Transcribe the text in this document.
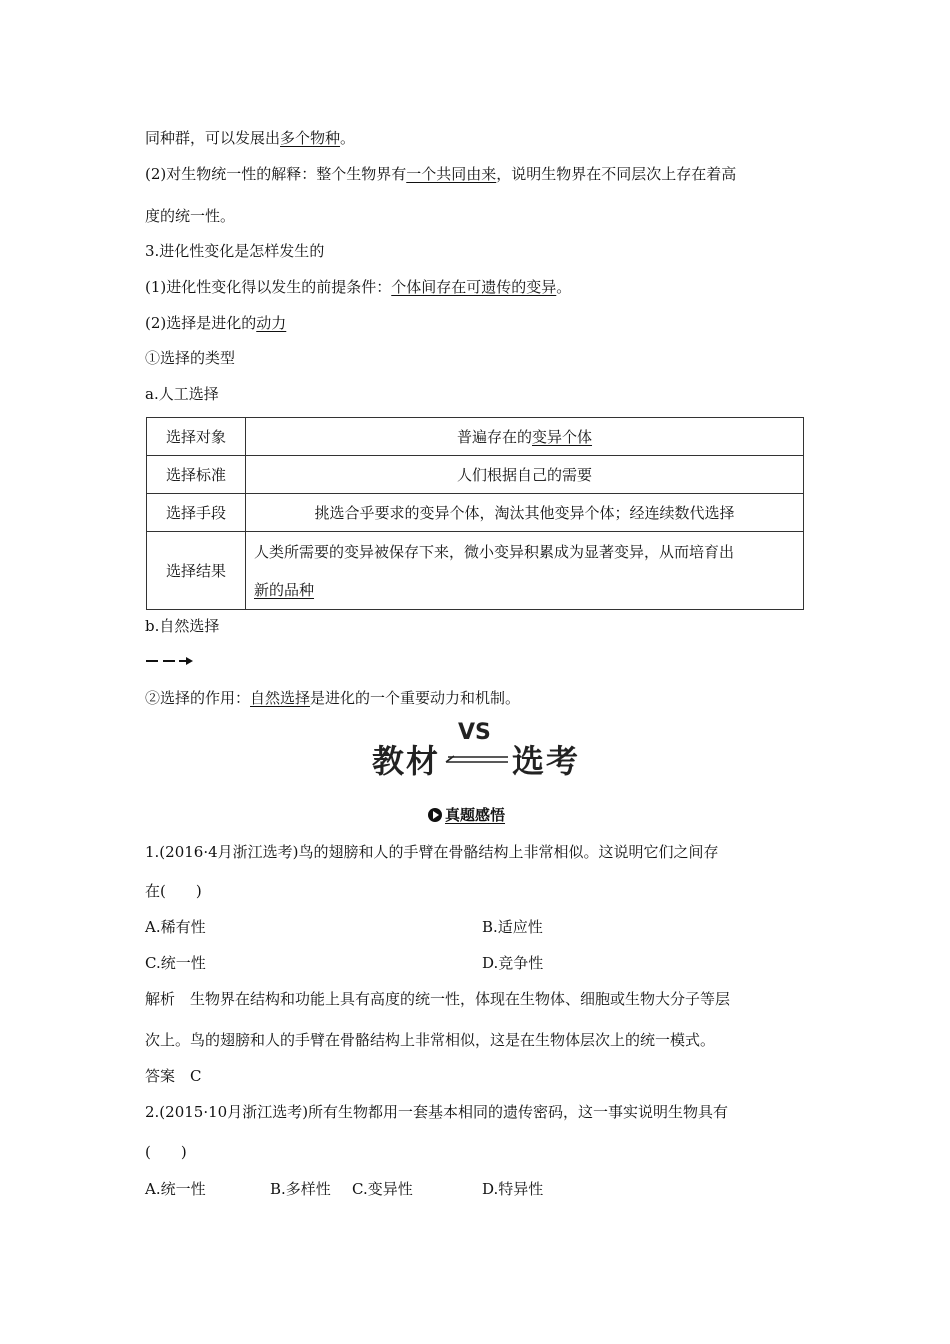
同种群，可以发展出多个物种。
(2)对生物统一性的解释：整个生物界有一个共同由来，说明生物界在不同层次上存在着高
度的统一性。
3.进化性变化是怎样发生的
(1)进化性变化得以发生的前提条件：个体间存在可遗传的变异。
(2)选择是进化的动力
①选择的类型
a.人工选择
选择对象	普遍存在的变异个体
选择标准	人们根据自己的需要
选择手段	挑选合乎要求的变异个体，淘汰其他变异个体；经连续数代选择
选择结果	人类所需要的变异被保存下来，微小变异积累成为显著变异，从而培育出
新的品种
b.自然选择
②选择的作用：自然选择是进化的一个重要动力和机制。
教材
VS
选考
真题感悟
1.(2016·4月浙江选考)鸟的翅膀和人的手臂在骨骼结构上非常相似。这说明它们之间存
在(　　)
A.稀有性	B.适应性
C.统一性	D.竞争性
解析　生物界在结构和功能上具有高度的统一性，体现在生物体、细胞或生物大分子等层
次上。鸟的翅膀和人的手臂在骨骼结构上非常相似，这是在生物体层次上的统一模式。
答案　C
2.(2015·10月浙江选考)所有生物都用一套基本相同的遗传密码，这一事实说明生物具有
(　　)
A.统一性	B.多样性 C.变异性	D.特异性
